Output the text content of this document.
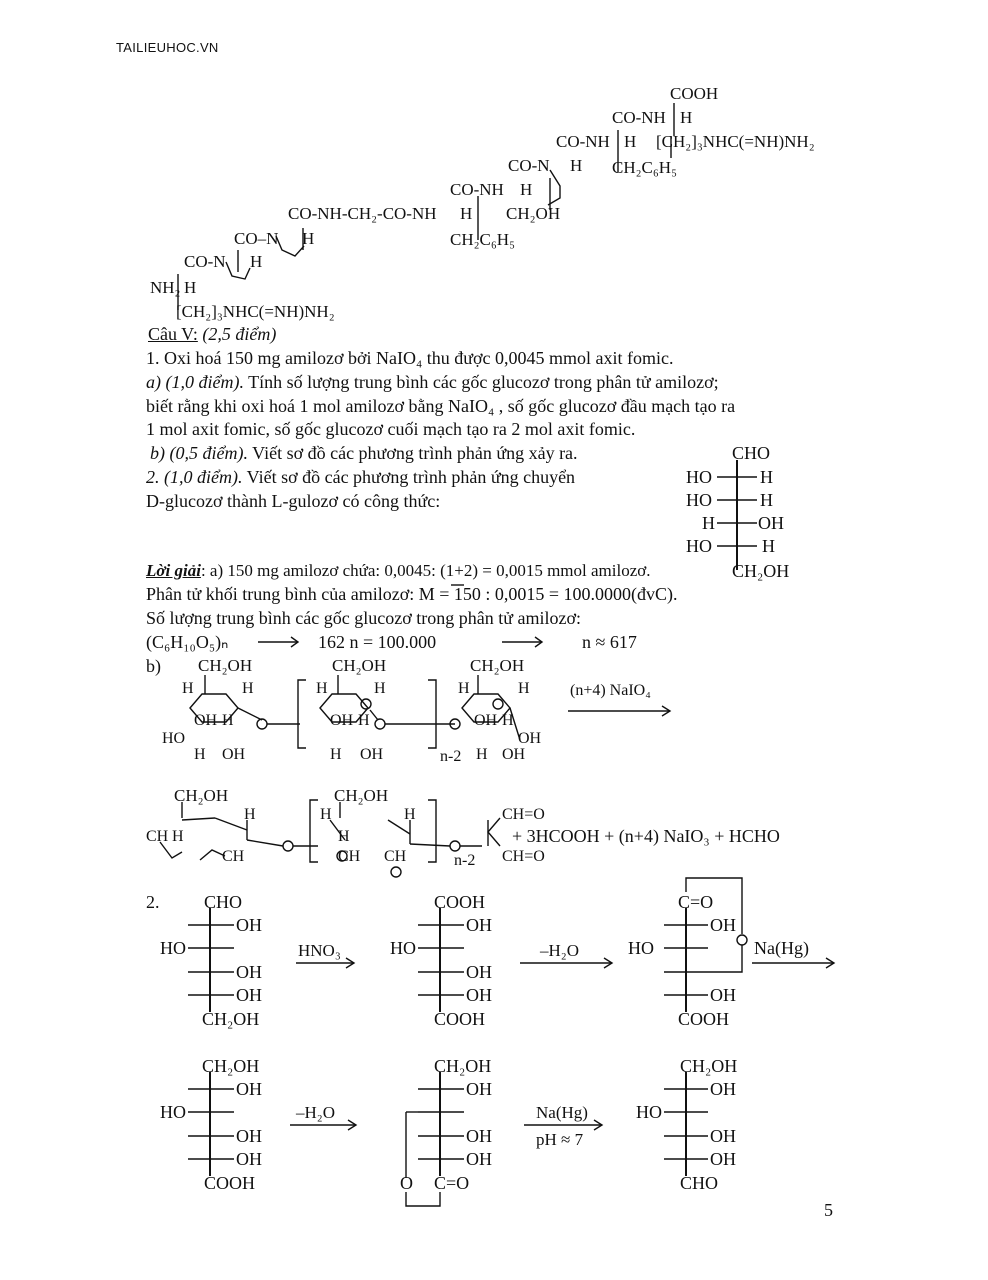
TAILIEUHOC.VN
COOH
CO-NH H
CO-NH H [CH₂]₃NHC(=NH)NH₂
CO-N H CH₂C₆H₅
CO-NH H
CH₂OH
CO-NH-CH₂-CO-NH H
CH₂C₆H₅
CO–N H
CO-N H
NH₂ H
[CH₂]₃NHC(=NH)NH₂
Câu V: (2,5 điểm)
1. Oxi hoá 150 mg amilozơ bởi NaIO₄ thu được 0,0045 mmol axit fomic.
a) (1,0 điểm). Tính số lượng trung bình các gốc glucozơ trong phân tử amilozơ;
biết rằng khi oxi hoá 1 mol amilozơ bằng NaIO₄ , số gốc glucozơ đầu mạch tạo ra
1 mol axit fomic, số gốc glucozơ cuối mạch tạo ra 2 mol axit fomic.
b) (0,5 điểm). Viết sơ đồ các phương trình phản ứng xảy ra.
2. (1,0 điểm). Viết sơ đồ các phương trình phản ứng chuyển
D-glucozơ thành L-gulozơ có công thức:
CHO
HO	H
HO	H
H OH
HO	H
CH₂OH
Lời giải: a) 150 mg amilozơ chứa: 0,0045: (1+2) = 0,0015 mmol amilozơ.
Phân tử khối trung bình của amilozơ: M = 150 : 0,0015 = 100.0000(đvC).
Số lượng trung bình các gốc glucozơ trong phân tử amilozơ:
(C₆H₁₀O₅)ₙ	162 n = 100.000	n ≈ 617
b) CH₂OH	CH₂OH	CH₂OH
H	H	H	H	H	H
OH H	OH H	OH H
HO	OH
H OH	H OH	n-2 H OH
(n+4) NaIO₄
CH₂OH	CH₂OH
H	H	H
CH H	H
CH	CH CH	n-2
CH=O
CH=O
+ 3HCOOH + (n+4) NaIO₃ + HCHO
2. CHO
OH
HO
OH
OH
CH₂OH
HNO₃
COOH
OH
HO
OH
OH
COOH
–H₂O
C=O
OH
HO
OH
COOH
Na(Hg)
CH₂OH
OH
HO
OH
OH
COOH
–H₂O
CH₂OH
OH
OH
OH
O C=O
Na(Hg)
pH ≈ 7
CH₂OH
OH
HO
OH
OH
CHO
5
